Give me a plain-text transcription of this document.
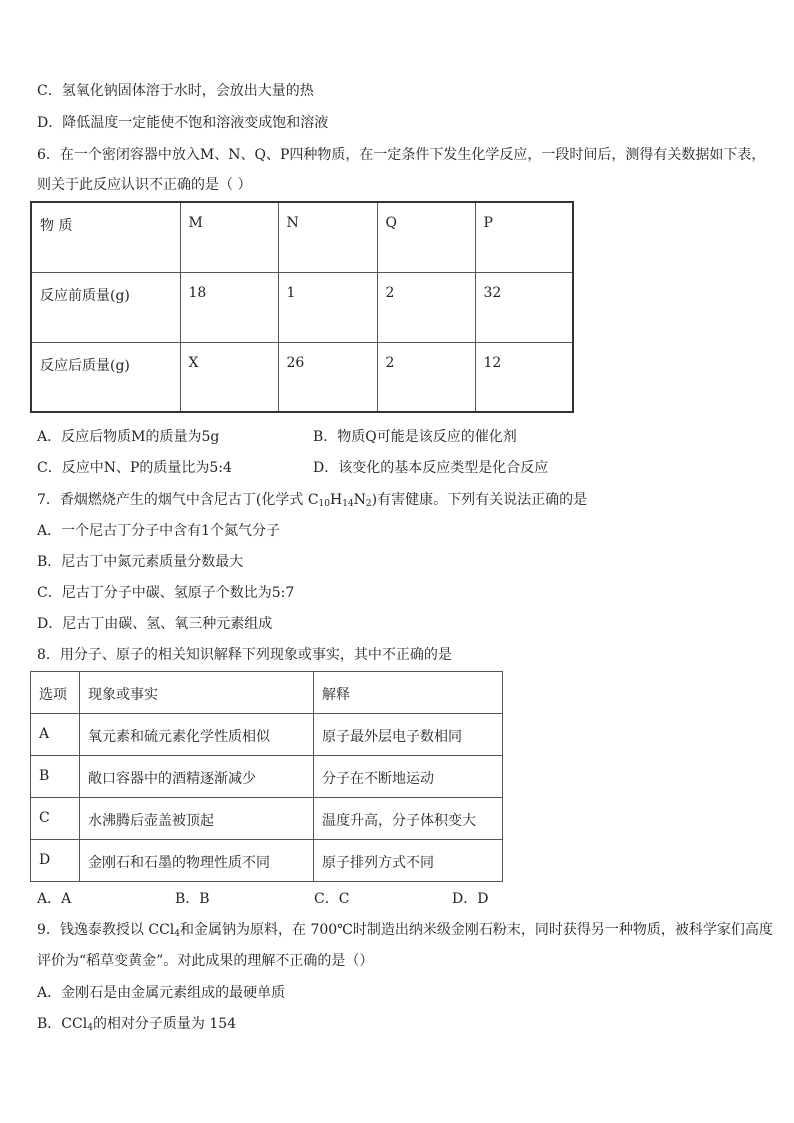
C．氢氧化钠固体溶于水时，会放出大量的热
D．降低温度一定能使不饱和溶液变成饱和溶液
6．在一个密闭容器中放入M、N、Q、P四种物质，在一定条件下发生化学反应，一段时间后，测得有关数据如下表，
则关于此反应认识不正确的是（ ）
物 质	M	N	Q	P
反应前质量(g)	18	1	2	32
反应后质量(g)	X	26	2	12
A．反应后物质M的质量为5g	B．物质Q可能是该反应的催化剂
C．反应中N、P的质量比为5:4	D．该变化的基本反应类型是化合反应
7．香烟燃烧产生的烟气中含尼古丁(化学式 $C_{10}H_{14}N_2$)有害健康。下列有关说法正确的是
A．一个尼古丁分子中含有1个氮气分子
B．尼古丁中氮元素质量分数最大
C．尼古丁分子中碳、氢原子个数比为5:7
D．尼古丁由碳、氢、氧三种元素组成
8．用分子、原子的相关知识解释下列现象或事实，其中不正确的是
选项	现象或事实	解释
A	氧元素和硫元素化学性质相似	原子最外层电子数相同
B	敞口容器中的酒精逐渐减少	分子在不断地运动
C	水沸腾后壶盖被顶起	温度升高，分子体积变大
D	金刚石和石墨的物理性质不同	原子排列方式不同
A．A	B．B	C．C	D．D
9．钱逸泰教授以 CCl$_4$和金属钠为原料，在 700℃时制造出纳米级金刚石粉末，同时获得另一种物质，被科学家们高度
评价为“稻草变黄金”。对此成果的理解不正确的是（）
A．金刚石是由金属元素组成的最硬单质
B．CCl$_4$的相对分子质量为 154
